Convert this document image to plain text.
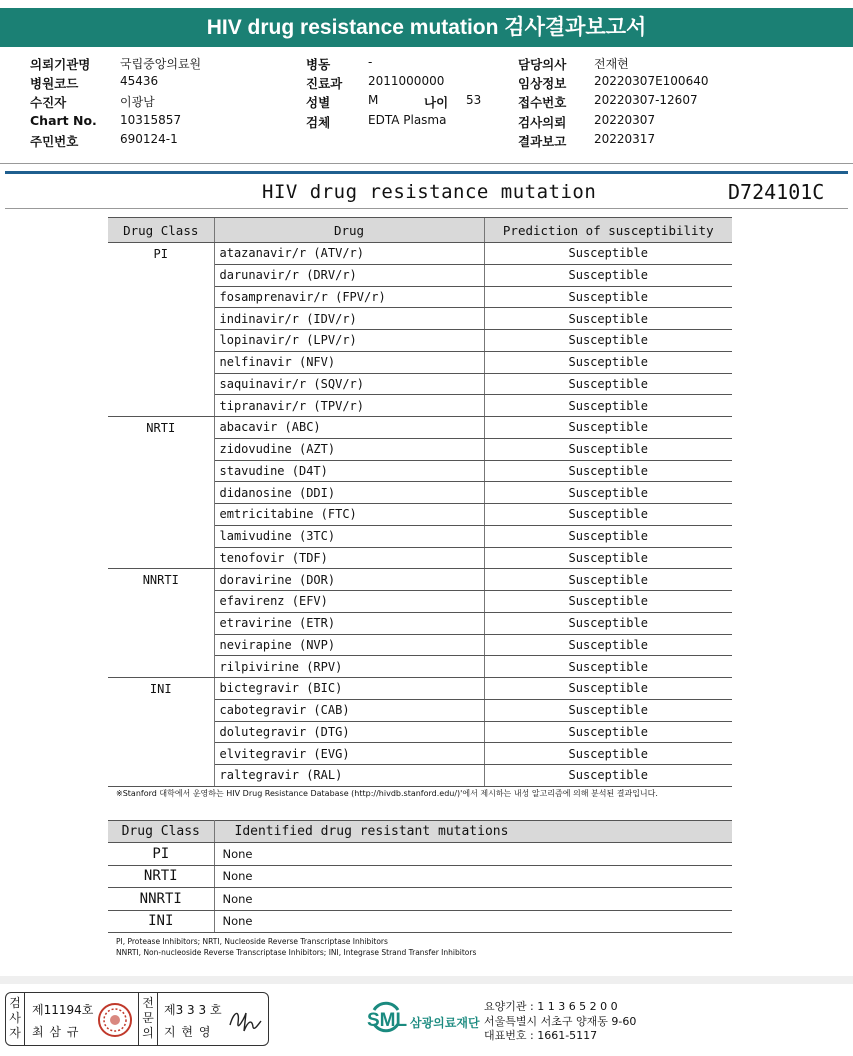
HIV drug resistance mutation 검사결과보고서
의뢰기관명 국립중앙의료원
병원코드	45436
수진자	이광남
Chart No. 10315857
주민번호	690124-1
병동	-
진료과 2011000000
성별	M
검체	EDTA Plasma
나이 53
담당의사 전재현
임상정보 20220307E100640
접수번호 20220307-12607
검사의뢰 20220307
결과보고 20220317
HIV drug resistance mutation	D724101C
Drug Class	Drug	Prediction of susceptibility
PI	atazanavir/r (ATV/r)	Susceptible
	darunavir/r (DRV/r)	Susceptible
	fosamprenavir/r (FPV/r)	Susceptible
	indinavir/r (IDV/r)	Susceptible
	lopinavir/r (LPV/r)	Susceptible
	nelfinavir (NFV)	Susceptible
	saquinavir/r (SQV/r)	Susceptible
	tipranavir/r (TPV/r)	Susceptible
NRTI	abacavir (ABC)	Susceptible
	zidovudine (AZT)	Susceptible
	stavudine (D4T)	Susceptible
	didanosine (DDI)	Susceptible
	emtricitabine (FTC)	Susceptible
	lamivudine (3TC)	Susceptible
	tenofovir (TDF)	Susceptible
NNRTI	doravirine (DOR)	Susceptible
	efavirenz (EFV)	Susceptible
	etravirine (ETR)	Susceptible
	nevirapine (NVP)	Susceptible
	rilpivirine (RPV)	Susceptible
INI	bictegravir (BIC)	Susceptible
	cabotegravir (CAB)	Susceptible
	dolutegravir (DTG)	Susceptible
	elvitegravir (EVG)	Susceptible
	raltegravir (RAL)	Susceptible
※Stanford 대학에서 운영하는 HIV Drug Resistance Database (http://hivdb.stanford.edu/)'에서 제시하는 내성 알고리즘에 의해 분석된 결과입니다.
Drug Class	Identified drug resistant mutations
PI	None
NRTI	None
NNRTI	None
INI	None
PI, Protease Inhibitors; NRTI, Nucleoside Reverse Transcriptase Inhibitors
NNRTI, Non-nucleoside Reverse Transcriptase Inhibitors; INI, Integrase Strand Transfer Inhibitors
검
사
자
제11194호
최 삼 규
전
문
의
제3 3 3 호
지 현 영
SML 삼광의료재단
요양기관 : 1 1 3 6 5 2 0 0
서울특별시 서초구 양재동 9-60
대표번호 : 1661-5117
